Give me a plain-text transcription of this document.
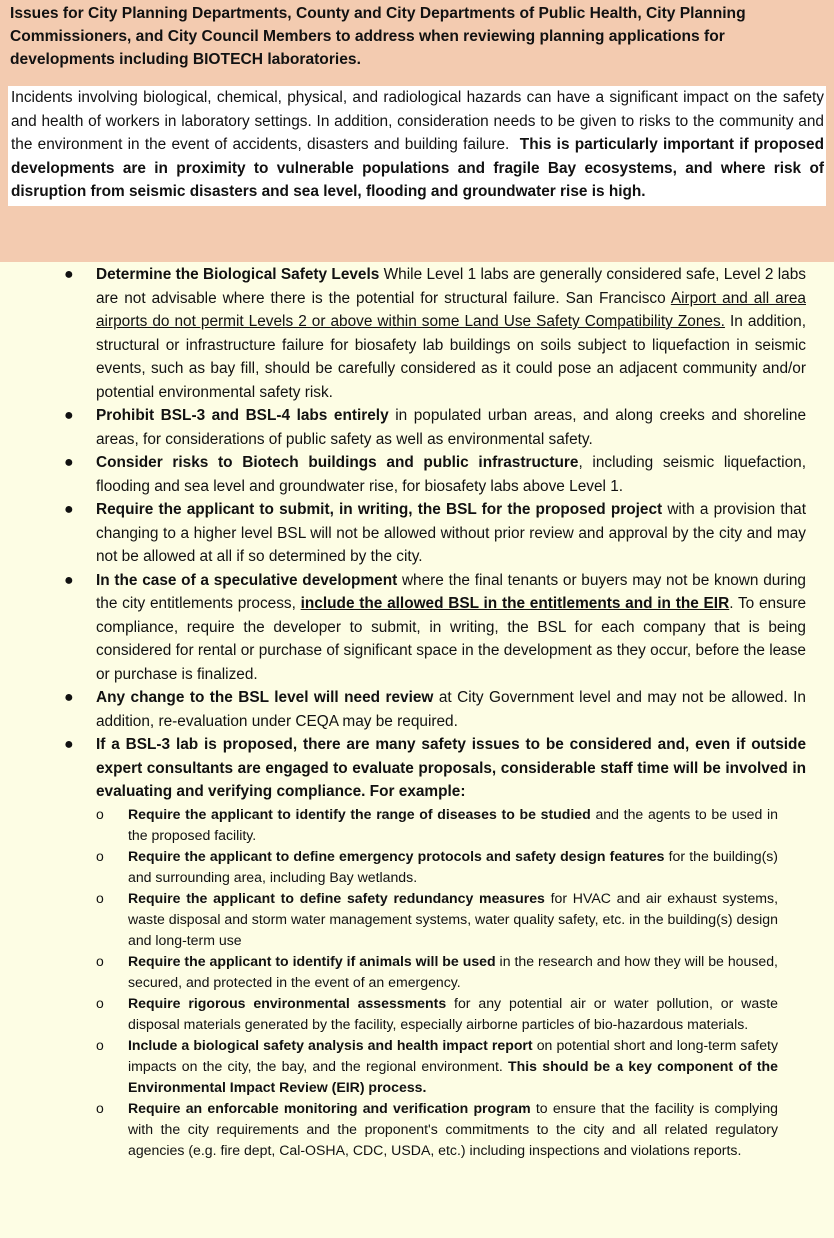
Issues for City Planning Departments, County and City Departments of Public Health, City Planning Commissioners, and City Council Members to address when reviewing planning applications for developments including BIOTECH laboratories.
Incidents involving biological, chemical, physical, and radiological hazards can have a significant impact on the safety and health of workers in laboratory settings. In addition, consideration needs to be given to risks to the community and the environment in the event of accidents, disasters and building failure. This is particularly important if proposed developments are in proximity to vulnerable populations and fragile Bay ecosystems, and where risk of disruption from seismic disasters and sea level, flooding and groundwater rise is high.
● Determine the Biological Safety Levels While Level 1 labs are generally considered safe, Level 2 labs are not advisable where there is the potential for structural failure. San Francisco Airport and all area airports do not permit Levels 2 or above within some Land Use Safety Compatibility Zones. In addition, structural or infrastructure failure for biosafety lab buildings on soils subject to liquefaction in seismic events, such as bay fill, should be carefully considered as it could pose an adjacent community and/or potential environmental safety risk.
● Prohibit BSL-3 and BSL-4 labs entirely in populated urban areas, and along creeks and shoreline areas, for considerations of public safety as well as environmental safety.
● Consider risks to Biotech buildings and public infrastructure, including seismic liquefaction, flooding and sea level and groundwater rise, for biosafety labs above Level 1.
● Require the applicant to submit, in writing, the BSL for the proposed project with a provision that changing to a higher level BSL will not be allowed without prior review and approval by the city and may not be allowed at all if so determined by the city.
● In the case of a speculative development where the final tenants or buyers may not be known during the city entitlements process, include the allowed BSL in the entitlements and in the EIR. To ensure compliance, require the developer to submit, in writing, the BSL for each company that is being considered for rental or purchase of significant space in the development as they occur, before the lease or purchase is finalized.
● Any change to the BSL level will need review at City Government level and may not be allowed. In addition, re-evaluation under CEQA may be required.
● If a BSL-3 lab is proposed, there are many safety issues to be considered and, even if outside expert consultants are engaged to evaluate proposals, considerable staff time will be involved in evaluating and verifying compliance. For example:
o Require the applicant to identify the range of diseases to be studied and the agents to be used in the proposed facility.
o Require the applicant to define emergency protocols and safety design features for the building(s) and surrounding area, including Bay wetlands.
o Require the applicant to define safety redundancy measures for HVAC and air exhaust systems, waste disposal and storm water management systems, water quality safety, etc. in the building(s) design and long-term use
o Require the applicant to identify if animals will be used in the research and how they will be housed, secured, and protected in the event of an emergency.
o Require rigorous environmental assessments for any potential air or water pollution, or waste disposal materials generated by the facility, especially airborne particles of bio-hazardous materials.
o Include a biological safety analysis and health impact report on potential short and long-term safety impacts on the city, the bay, and the regional environment. This should be a key component of the Environmental Impact Review (EIR) process.
o Require an enforcable monitoring and verification program to ensure that the facility is complying with the city requirements and the proponent's commitments to the city and all related regulatory agencies (e.g. fire dept, Cal-OSHA, CDC, USDA, etc.) including inspections and violations reports.
